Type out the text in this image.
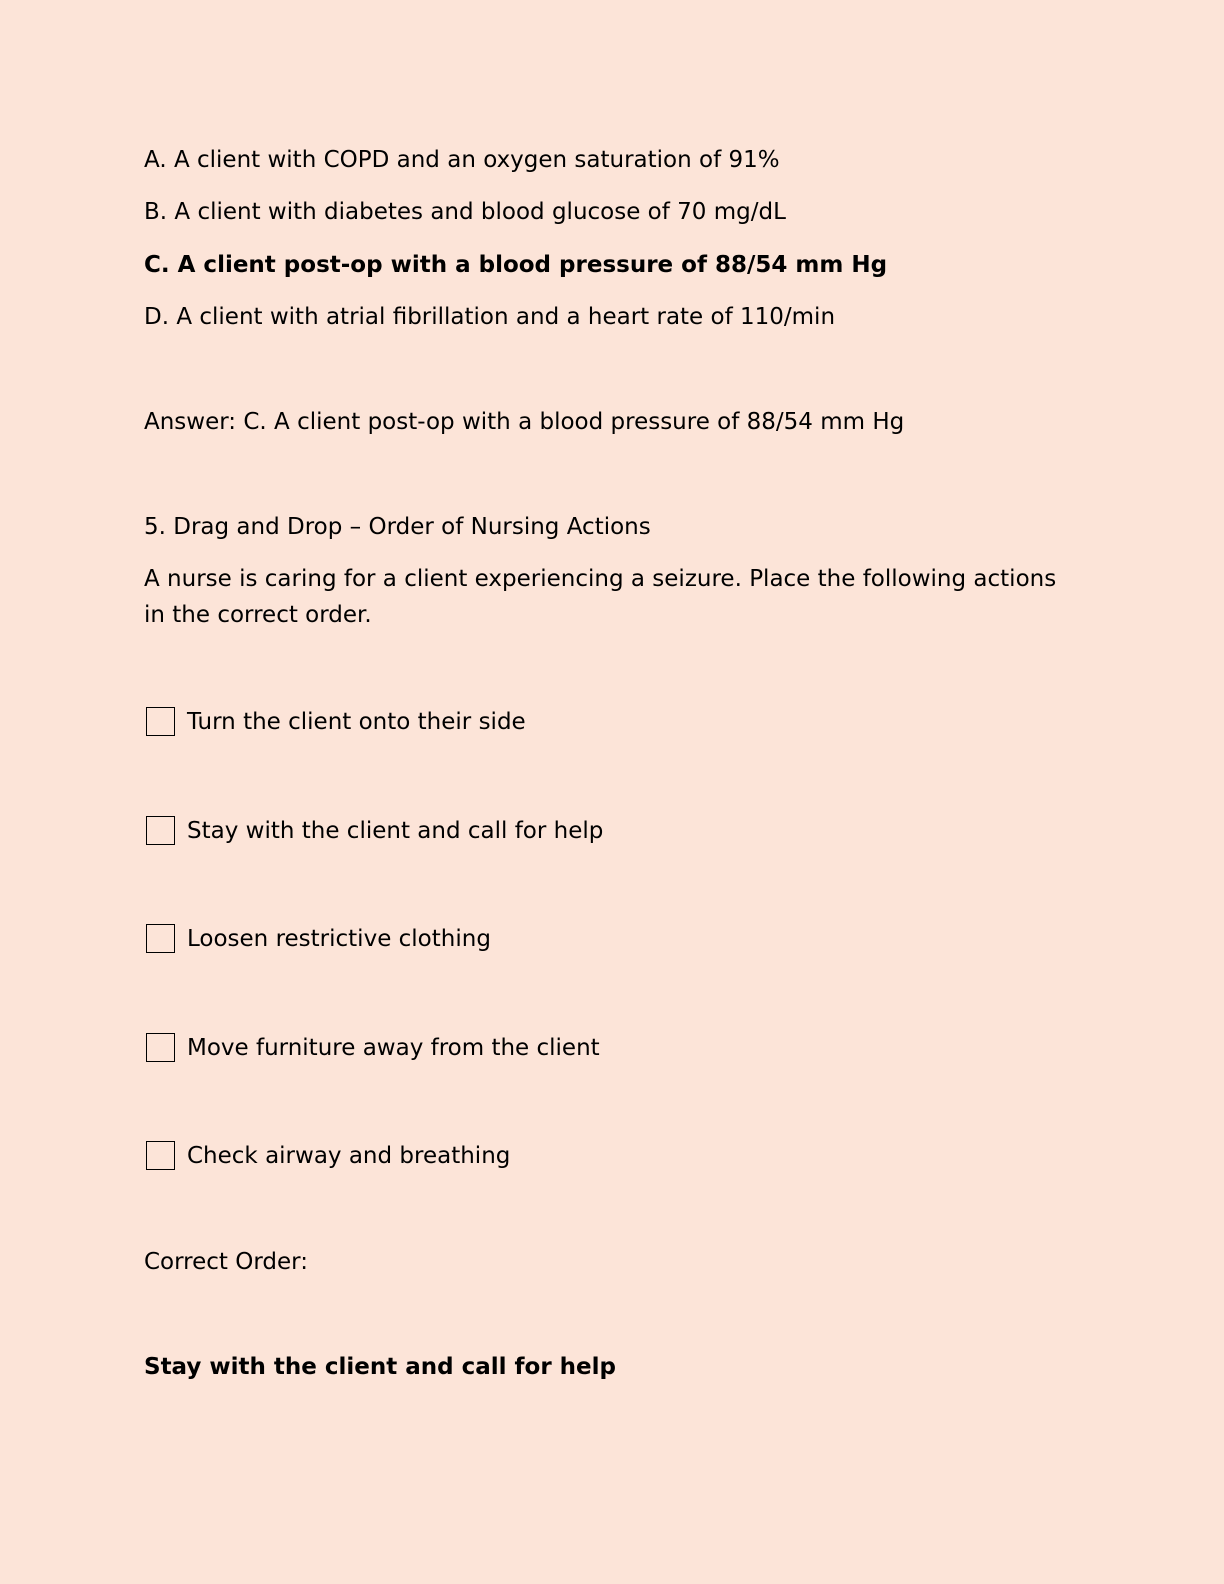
A. A client with COPD and an oxygen saturation of 91%
B. A client with diabetes and blood glucose of 70 mg/dL
C. A client post-op with a blood pressure of 88/54 mm Hg
D. A client with atrial fibrillation and a heart rate of 110/min
Answer: C. A client post-op with a blood pressure of 88/54 mm Hg
5. Drag and Drop – Order of Nursing Actions
A nurse is caring for a client experiencing a seizure. Place the following actions in the correct order.
Turn the client onto their side
Stay with the client and call for help
Loosen restrictive clothing
Move furniture away from the client
Check airway and breathing
Correct Order:
Stay with the client and call for help
